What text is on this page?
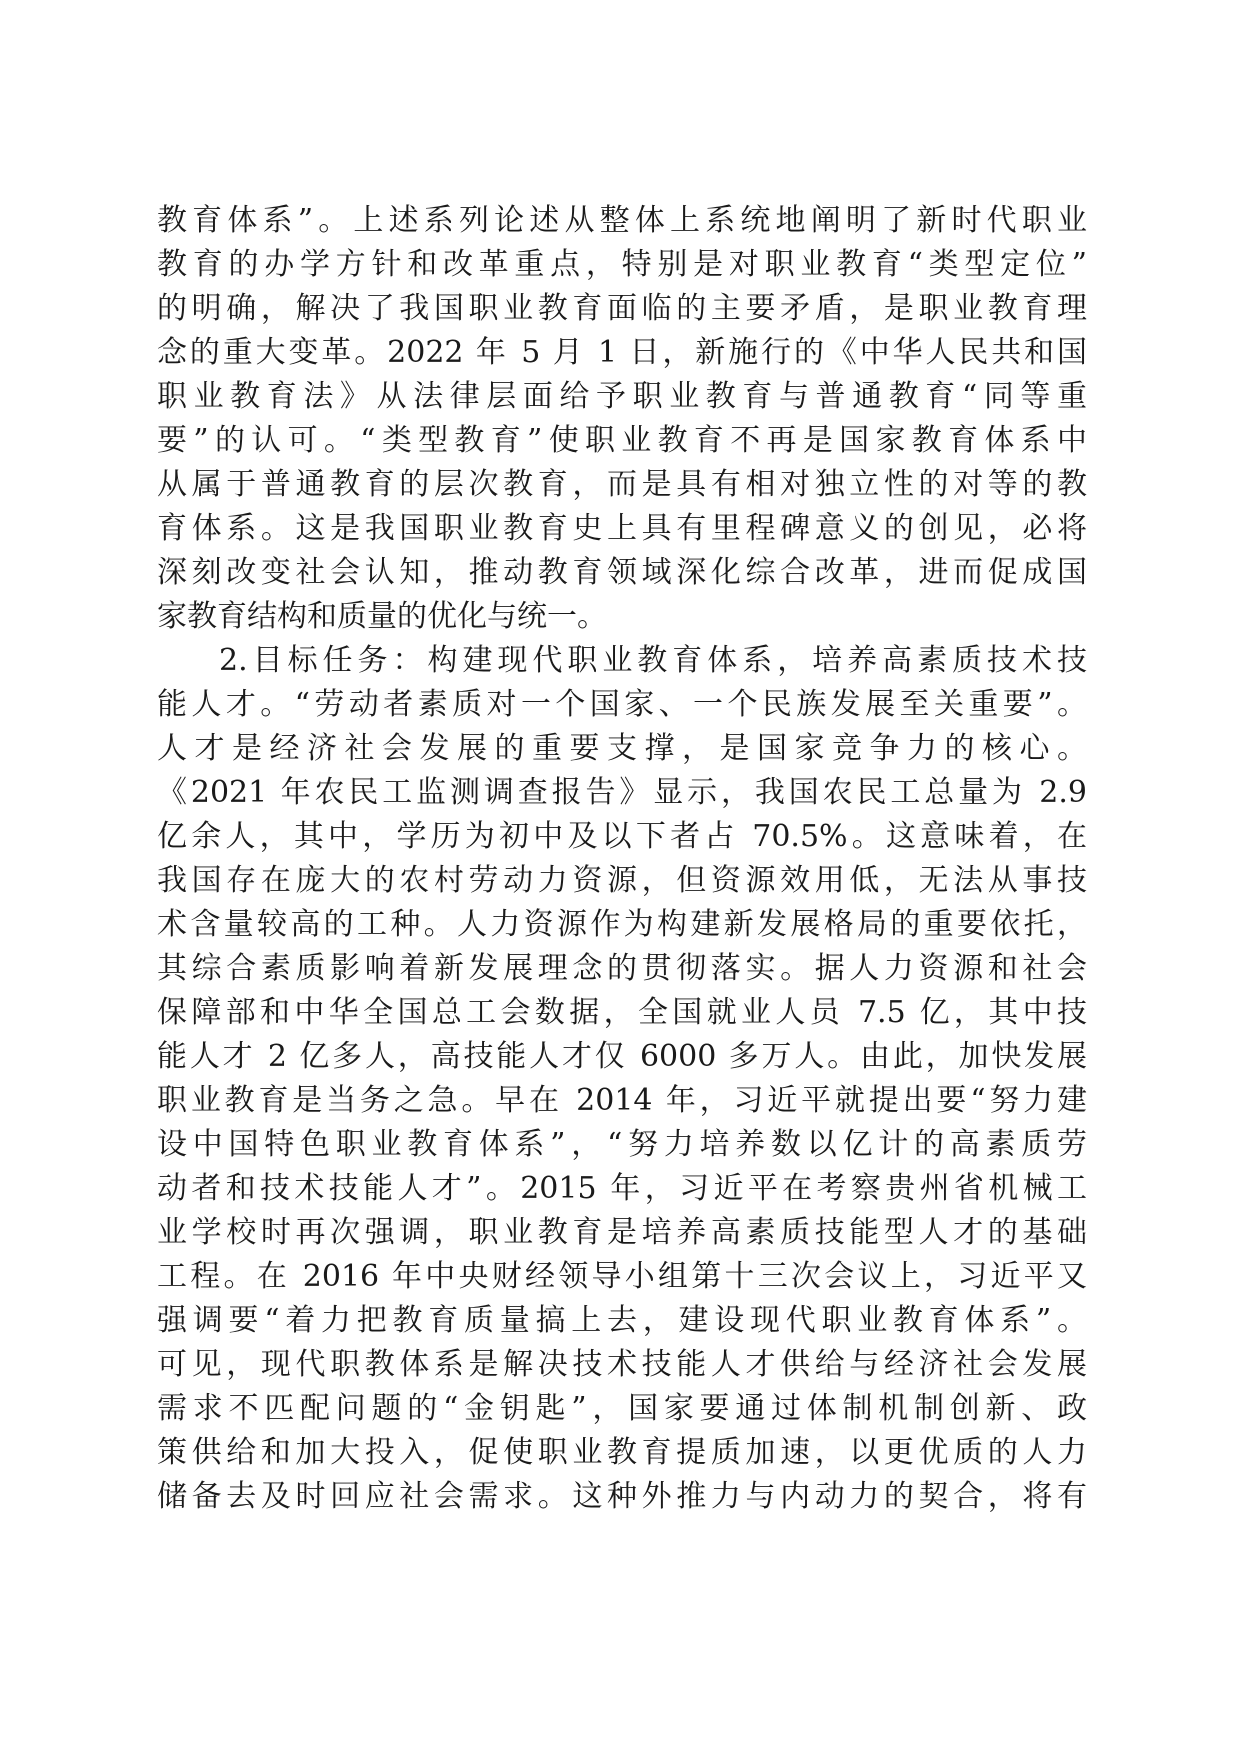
教育体系”。上述系列论述从整体上系统地阐明了新时代职业
教育的办学方针和改革重点，特别是对职业教育“类型定位”
的明确，解决了我国职业教育面临的主要矛盾，是职业教育理
念的重大变革。2022 年 5 月 1 日，新施行的《中华人民共和国
职业教育法》从法律层面给予职业教育与普通教育“同等重
要”的认可。“类型教育”使职业教育不再是国家教育体系中
从属于普通教育的层次教育，而是具有相对独立性的对等的教
育体系。这是我国职业教育史上具有里程碑意义的创见，必将
深刻改变社会认知，推动教育领域深化综合改革，进而促成国
家教育结构和质量的优化与统一。
2.目标任务：构建现代职业教育体系，培养高素质技术技
能人才。“劳动者素质对一个国家、一个民族发展至关重要”。
人才是经济社会发展的重要支撑，是国家竞争力的核心。
《2021 年农民工监测调查报告》显示，我国农民工总量为 2.9
亿余人，其中，学历为初中及以下者占 70.5%。这意味着，在
我国存在庞大的农村劳动力资源，但资源效用低，无法从事技
术含量较高的工种。人力资源作为构建新发展格局的重要依托，
其综合素质影响着新发展理念的贯彻落实。据人力资源和社会
保障部和中华全国总工会数据，全国就业人员 7.5 亿，其中技
能人才 2 亿多人，高技能人才仅 6000 多万人。由此，加快发展
职业教育是当务之急。早在 2014 年，习近平就提出要“努力建
设中国特色职业教育体系”，“努力培养数以亿计的高素质劳
动者和技术技能人才”。2015 年，习近平在考察贵州省机械工
业学校时再次强调，职业教育是培养高素质技能型人才的基础
工程。在 2016 年中央财经领导小组第十三次会议上，习近平又
强调要“着力把教育质量搞上去，建设现代职业教育体系”。
可见，现代职教体系是解决技术技能人才供给与经济社会发展
需求不匹配问题的“金钥匙”，国家要通过体制机制创新、政
策供给和加大投入，促使职业教育提质加速，以更优质的人力
储备去及时回应社会需求。这种外推力与内动力的契合，将有
